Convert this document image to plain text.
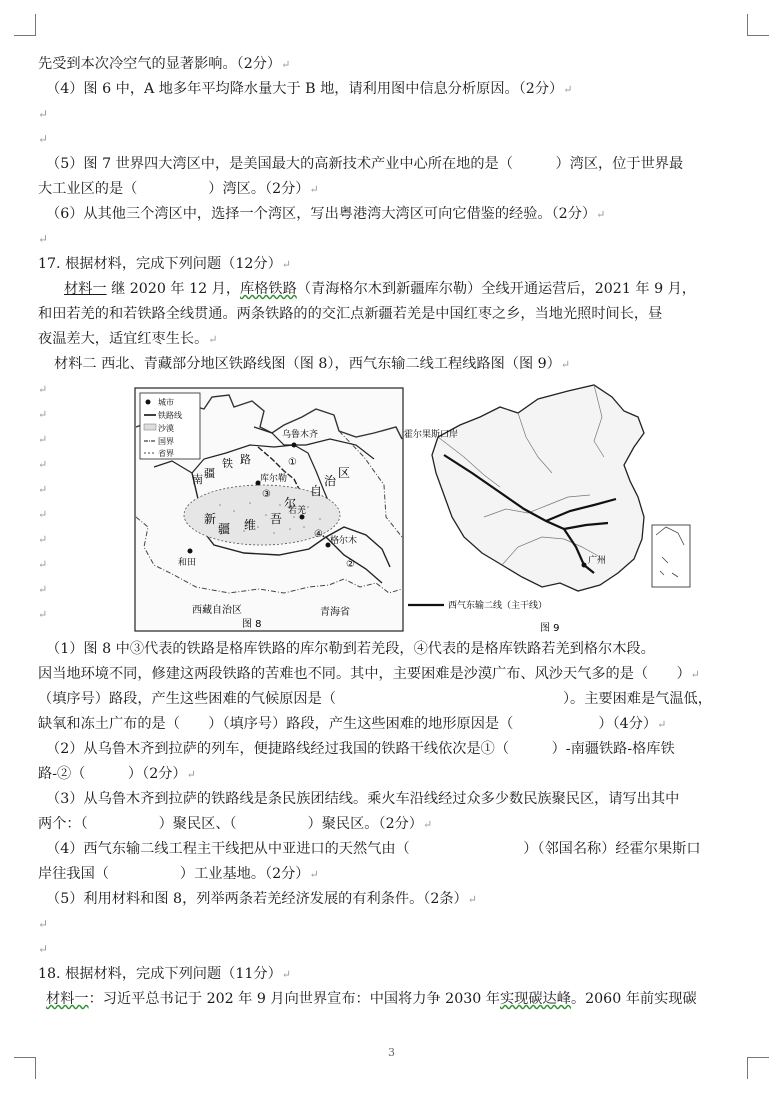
先受到本次冷空气的显著影响。（2分）↵
（4）图 6 中，A 地多年平均降水量大于 B 地，请利用图中信息分析原因。（2分）↵
↵
↵
（5）图 7 世界四大湾区中，是美国最大的高新技术产业中心所在地的是（　　　）湾区，位于世界最
大工业区的是（　　　　　）湾区。（2分）↵
（6）从其他三个湾区中，选择一个湾区，写出粤港湾大湾区可向它借鉴的经验。（2分）↵
↵
17. 根据材料，完成下列问题（12分）↵
材料一 继 2020 年 12 月，库格铁路（青海格尔木到新疆库尔勒）全线开通运营后，2021 年 9 月，
和田若羌的和若铁路全线贯通。两条铁路的的交汇点新疆若羌是中国红枣之乡，当地光照时间长，昼
夜温差大，适宜红枣生长。↵
材料二 西北、青藏部分地区铁路线图（图 8），西气东输二线工程线路图（图 9）↵
↵
↵
↵
↵
↵
↵
↵
↵
↵
↵
城市
铁路线
沙漠
国界
省界
乌鲁木齐
①
库尔勒
③
若羌
和田
格尔木
④
②
南 疆
铁 路
新
疆 维 吾
尔
自
治
区
西藏自治区	青海省
图 8
广州
霍尔果斯口岸
西气东输二线（主干线）
图 9
（1）图 8 中③代表的铁路是格库铁路的库尔勒到若羌段，④代表的是格库铁路若羌到格尔木段。
因当地环境不同，修建这两段铁路的苦难也不同。其中，主要困难是沙漠广布、风沙天气多的是（　　）↵
（填序号）路段，产生这些困难的气候原因是（　　　　　　　　　　　　　　　　）。主要困难是气温低，
缺氧和冻土广布的是（　　）（填序号）路段，产生这些困难的地形原因是（　　　　　　）（4分）↵
（2）从乌鲁木齐到拉萨的列车，便捷路线经过我国的铁路干线依次是①（　　　）-南疆铁路-格库铁
路-②（　　　）（2分）↵
（3）从乌鲁木齐到拉萨的铁路线是条民族团结线。乘火车沿线经过众多少数民族聚民区，请写出其中
两个：（　　　　　）聚民区、（　　　　　）聚民区。（2分）↵
（4）西气东输二线工程主干线把从中亚进口的天然气由（　　　　　　　　）（邻国名称）经霍尔果斯口
岸往我国（　　　　　）工业基地。（2分）↵
（5）利用材料和图 8，列举两条若羌经济发展的有利条件。（2条）↵
↵
↵
18. 根据材料，完成下列问题（11分）↵
材料一：习近平总书记于 202 年 9 月向世界宣布：中国将力争 2030 年实现碳达峰。2060 年前实现碳
3
